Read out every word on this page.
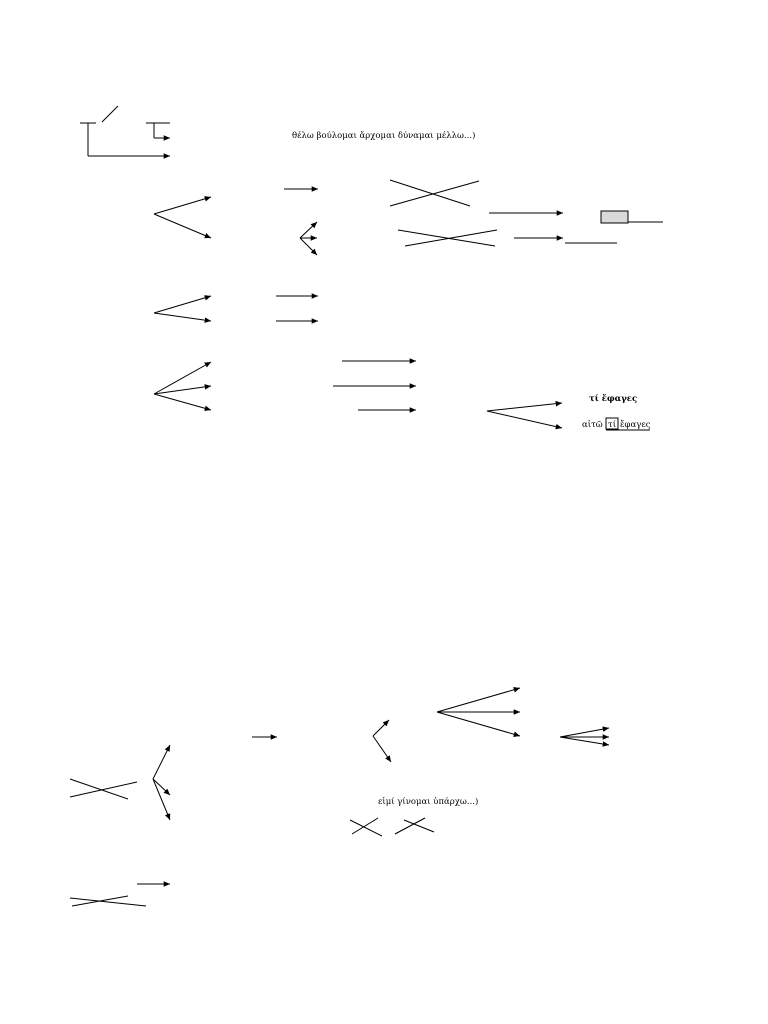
θέλω βούλομαι ἄρχομαι δύναμαι μέλλω...)
τί ἔφαγες
αἰτῶ τί ἔφαγες
εἰμί γίνομαι ὑπάρχω...)
